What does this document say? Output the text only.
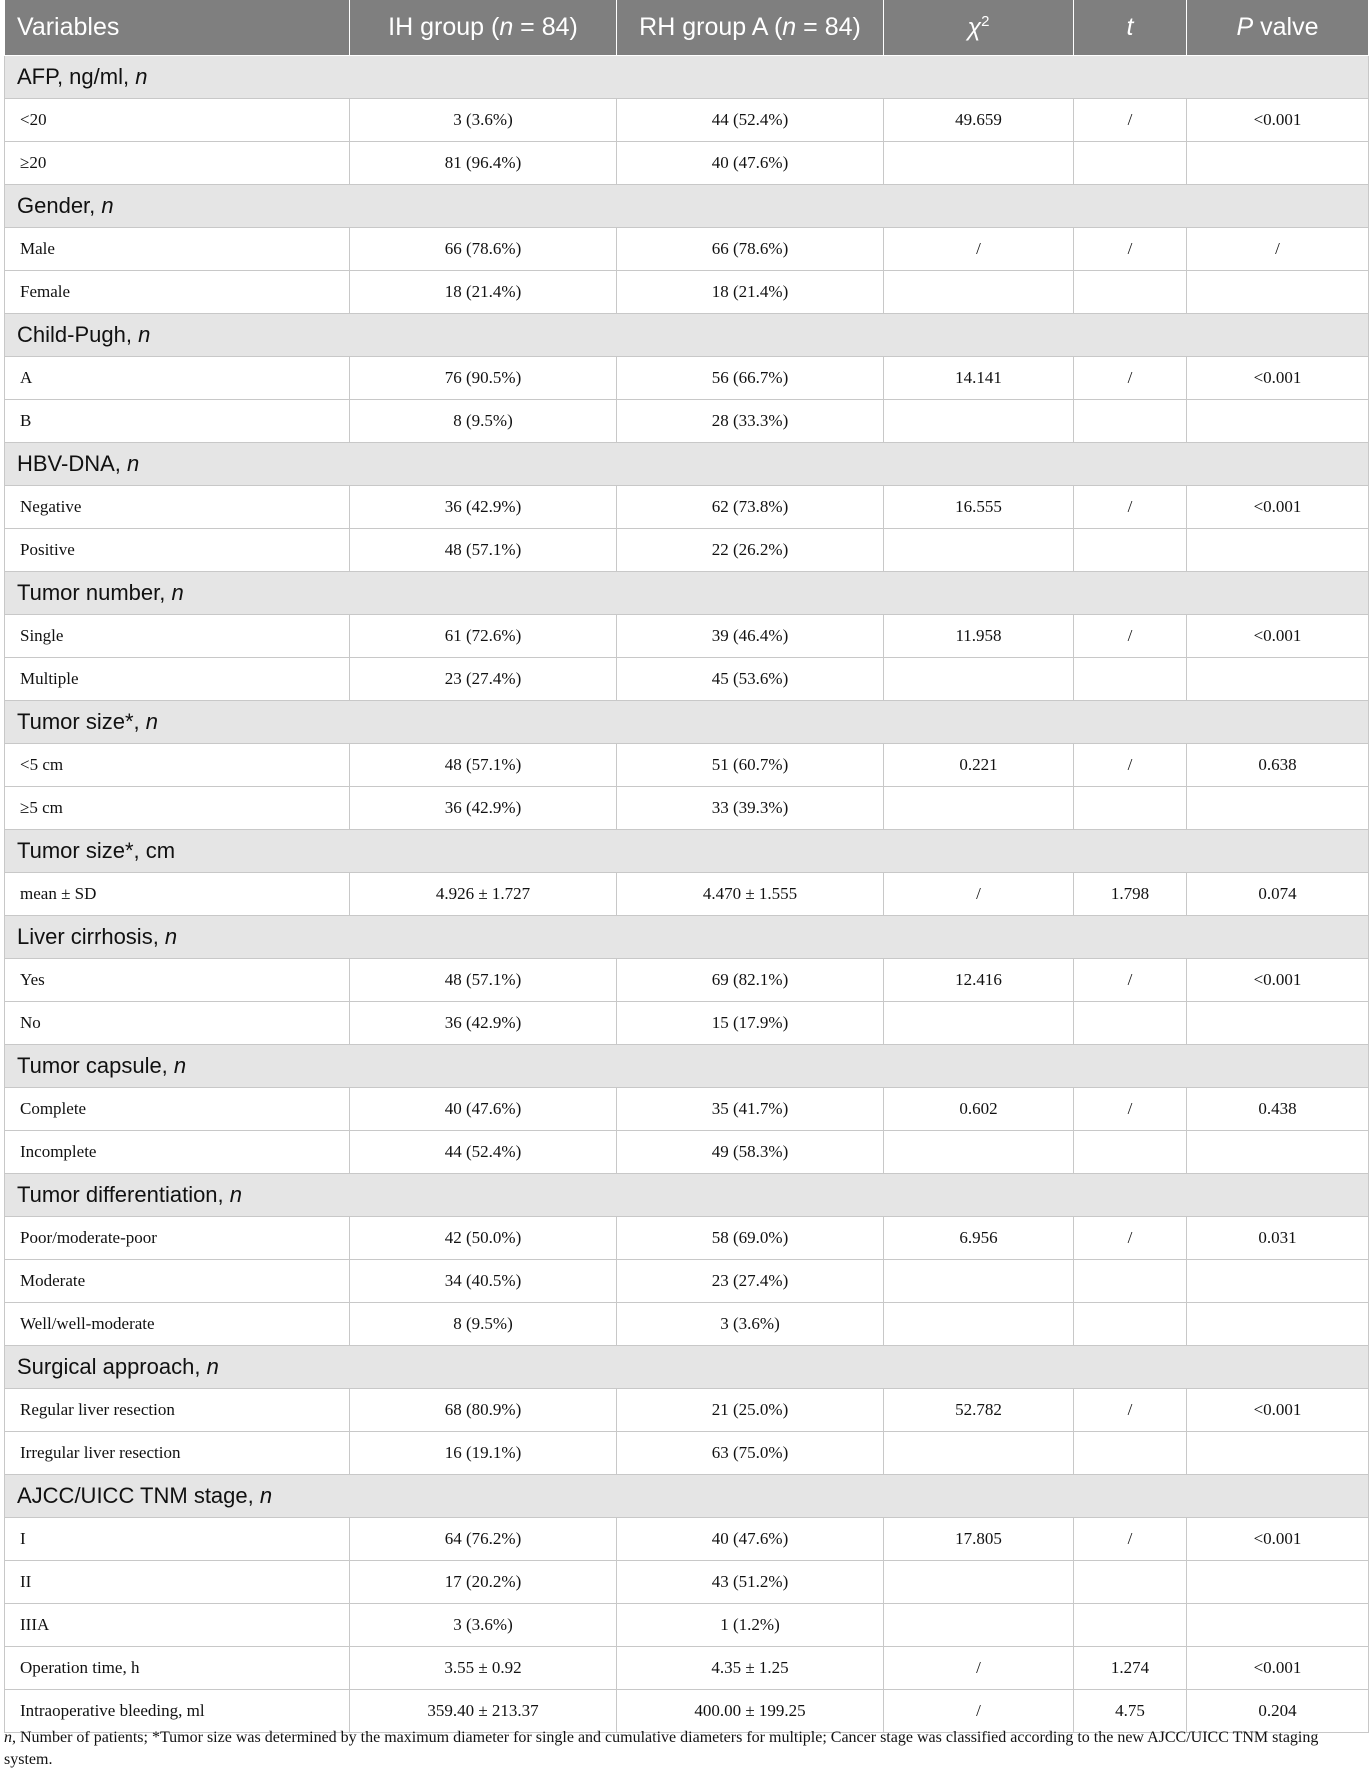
Variables	IH group (n = 84)	RH group A (n = 84)	$\chi^2$	t	P valve
AFP, ng/ml, n					
<20	3 (3.6%)	44 (52.4%)	49.659	/	<0.001
≥20	81 (96.4%)	40 (47.6%)			
Gender, n					
Male	66 (78.6%)	66 (78.6%)	/	/	/
Female	18 (21.4%)	18 (21.4%)			
Child-Pugh, n					
A	76 (90.5%)	56 (66.7%)	14.141	/	<0.001
B	8 (9.5%)	28 (33.3%)			
HBV-DNA, n					
Negative	36 (42.9%)	62 (73.8%)	16.555	/	<0.001
Positive	48 (57.1%)	22 (26.2%)			
Tumor number, n					
Single	61 (72.6%)	39 (46.4%)	11.958	/	<0.001
Multiple	23 (27.4%)	45 (53.6%)			
Tumor size*, n					
<5 cm	48 (57.1%)	51 (60.7%)	0.221	/	0.638
≥5 cm	36 (42.9%)	33 (39.3%)			
Tumor size*, cm					
mean ± SD	4.926 ± 1.727	4.470 ± 1.555	/	1.798	0.074
Liver cirrhosis, n					
Yes	48 (57.1%)	69 (82.1%)	12.416	/	<0.001
No	36 (42.9%)	15 (17.9%)			
Tumor capsule, n					
Complete	40 (47.6%)	35 (41.7%)	0.602	/	0.438
Incomplete	44 (52.4%)	49 (58.3%)			
Tumor differentiation, n					
Poor/moderate-poor	42 (50.0%)	58 (69.0%)	6.956	/	0.031
Moderate	34 (40.5%)	23 (27.4%)			
Well/well-moderate	8 (9.5%)	3 (3.6%)			
Surgical approach, n					
Regular liver resection	68 (80.9%)	21 (25.0%)	52.782	/	<0.001
Irregular liver resection	16 (19.1%)	63 (75.0%)			
AJCC/UICC TNM stage, n					
I	64 (76.2%)	40 (47.6%)	17.805	/	<0.001
II	17 (20.2%)	43 (51.2%)			
IIIA	3 (3.6%)	1 (1.2%)			
Operation time, h	3.55 ± 0.92	4.35 ± 1.25	/	1.274	<0.001
Intraoperative bleeding, ml	359.40 ± 213.37	400.00 ± 199.25	/	4.75	0.204
n, Number of patients; *Tumor size was determined by the maximum diameter for single and cumulative diameters for multiple; Cancer stage was classified according to the new AJCC/UICC TNM staging system.
